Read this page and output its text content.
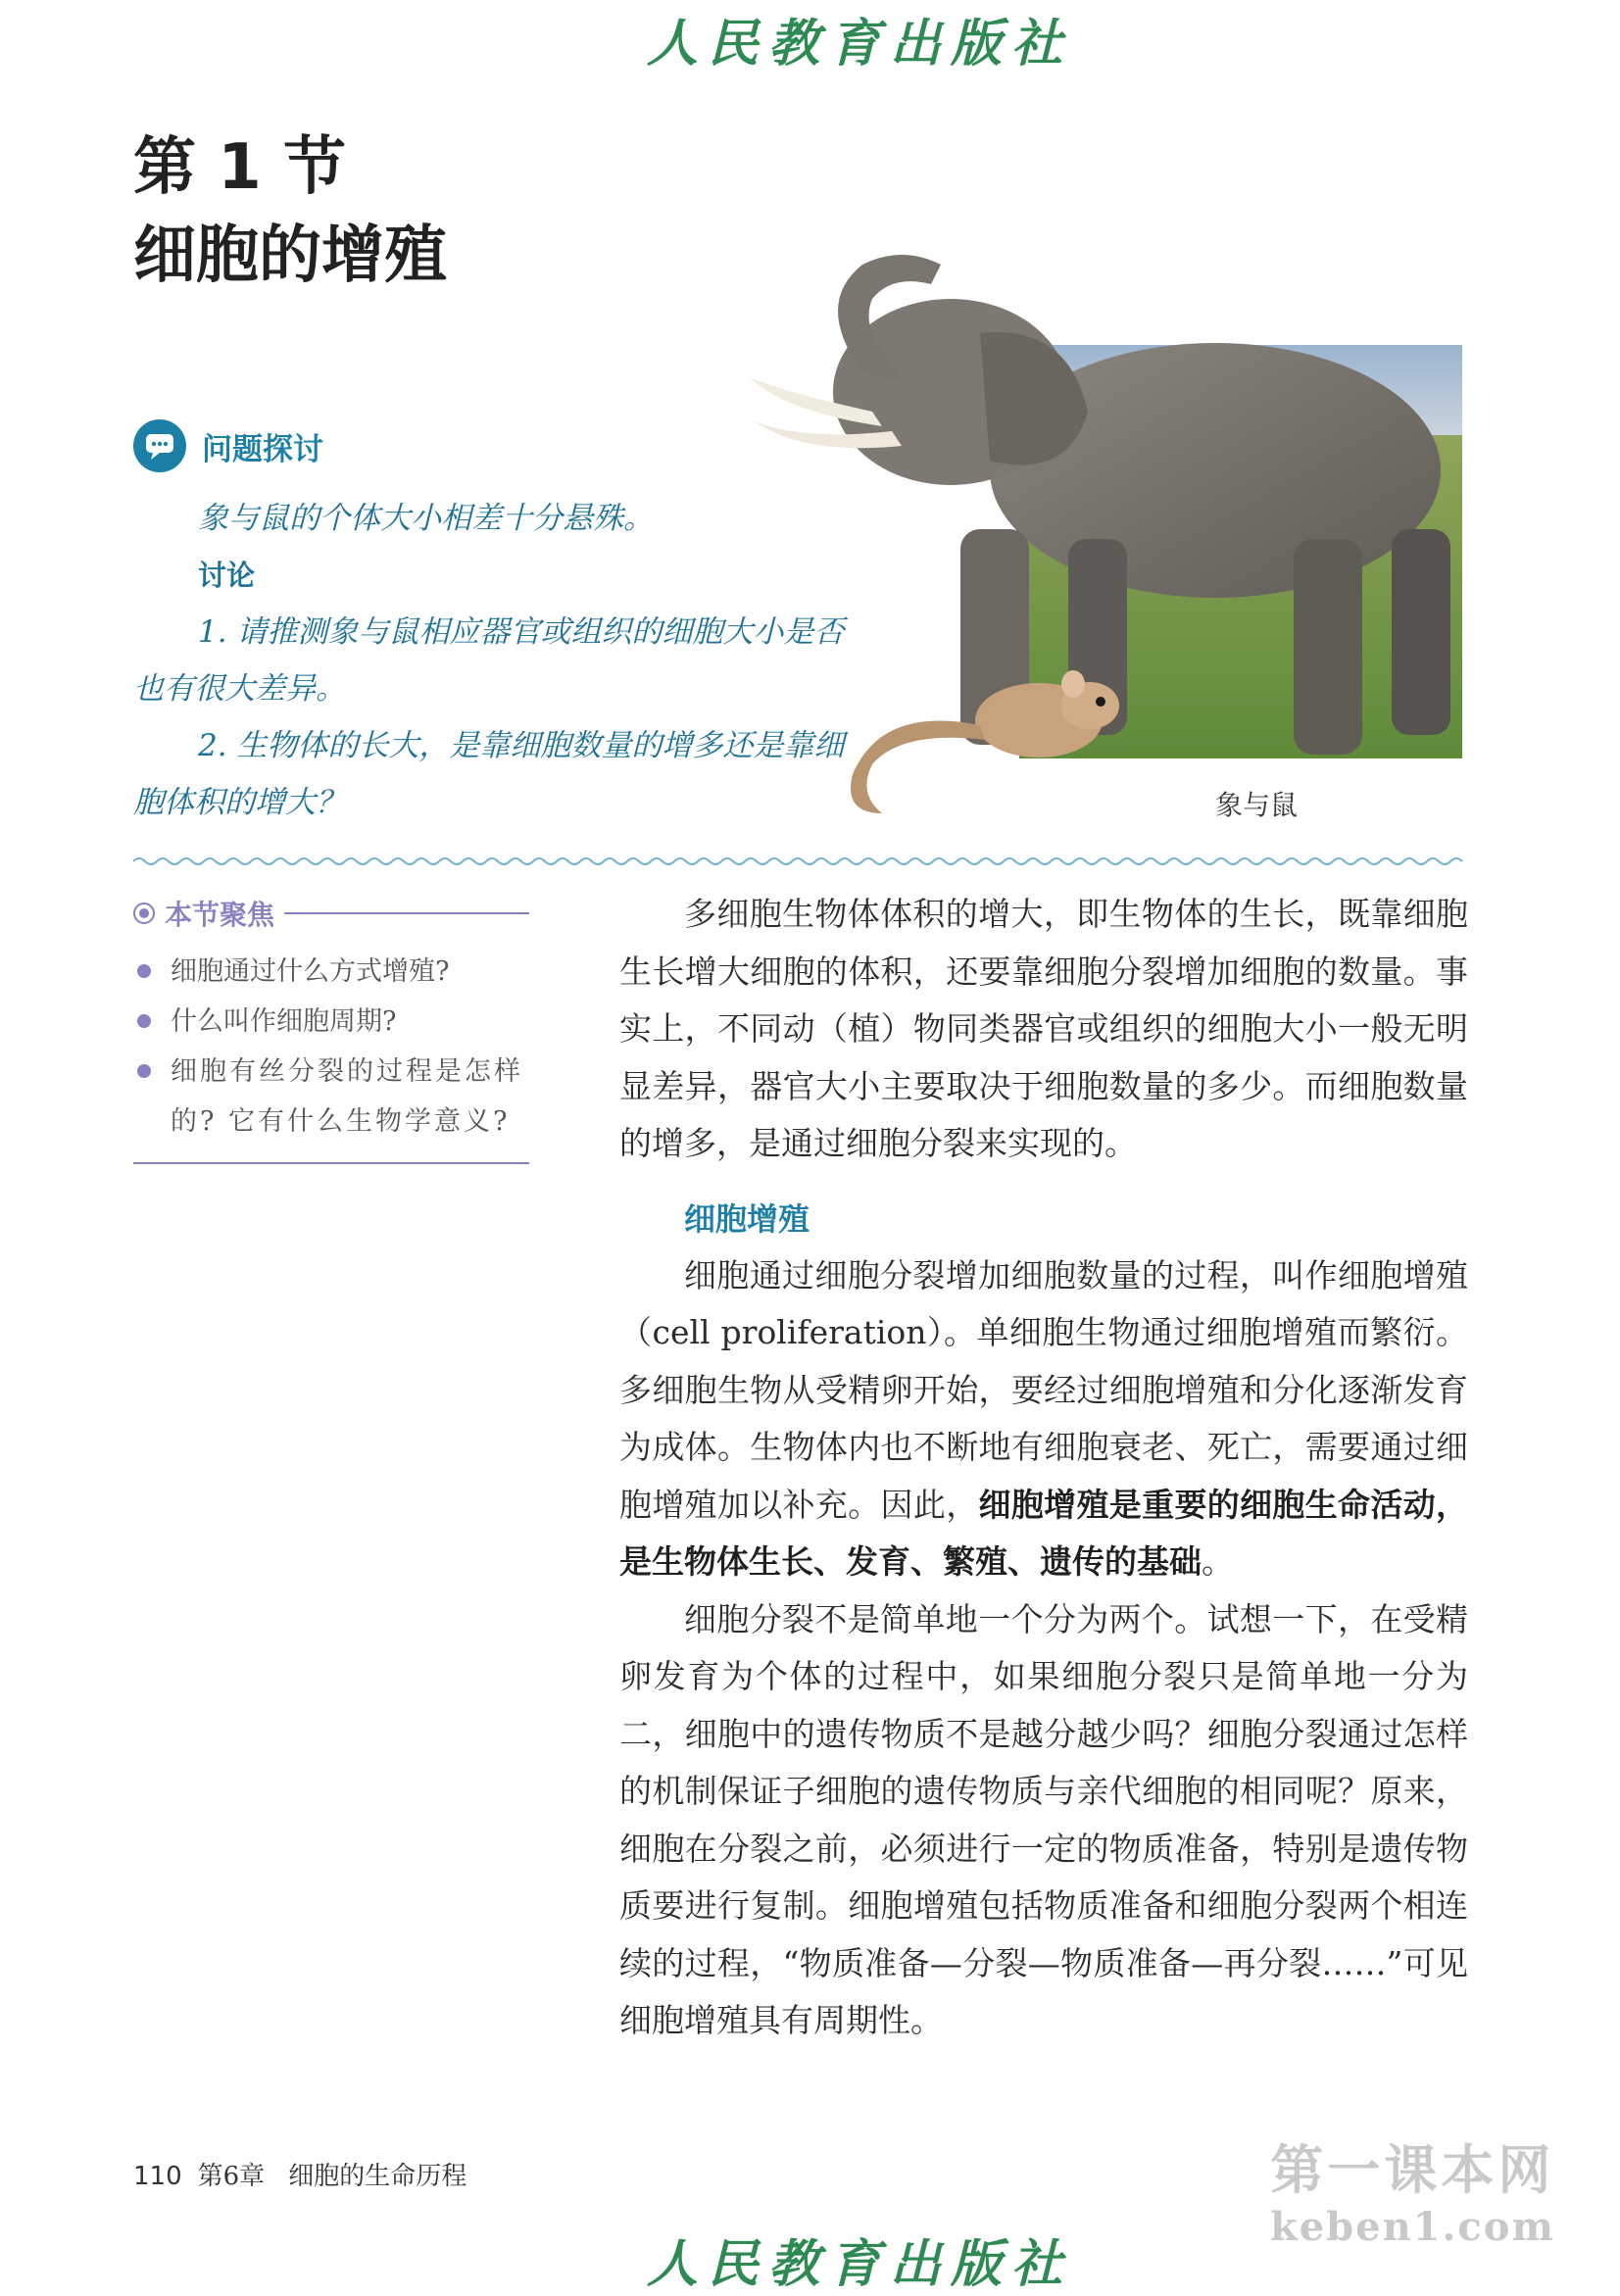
人民教育出版社
第 1 节
细胞的增殖
象与鼠
问题探讨

象与鼠的个体大小相差十分悬殊。

讨论

1. 请推测象与鼠相应器官或组织的细胞大小是否也有很大差异。

2. 生物体的长大，是靠细胞数量的增多还是靠细胞体积的增大？

本节聚焦
细胞通过什么方式增殖?
什么叫作细胞周期?
细胞有丝分裂的过程是怎样的? 它有什么生物学意义?

多细胞生物体体积的增大，即生物体的生长，既靠细胞生长增大细胞的体积，还要靠细胞分裂增加细胞的数量。事实上，不同动（植）物同类器官或组织的细胞大小一般无明显差异，器官大小主要取决于细胞数量的多少。而细胞数量的增多，是通过细胞分裂来实现的。

细胞增殖

细胞通过细胞分裂增加细胞数量的过程，叫作细胞增殖（cell proliferation）。单细胞生物通过细胞增殖而繁衍。多细胞生物从受精卵开始，要经过细胞增殖和分化逐渐发育为成体。生物体内也不断地有细胞衰老、死亡，需要通过细胞增殖加以补充。因此，细胞增殖是重要的细胞生命活动，是生物体生长、发育、繁殖、遗传的基础。

细胞分裂不是简单地一个分为两个。试想一下，在受精卵发育为个体的过程中，如果细胞分裂只是简单地一分为二，细胞中的遗传物质不是越分越少吗？细胞分裂通过怎样的机制保证子细胞的遗传物质与亲代细胞的相同呢？原来，细胞在分裂之前，必须进行一定的物质准备，特别是遗传物质要进行复制。细胞增殖包括物质准备和细胞分裂两个相连续的过程，“物质准备—分裂—物质准备—再分裂……”可见细胞增殖具有周期性。

110 第6章 细胞的生命历程	第一课本网
keben1.com
人民教育出版社
